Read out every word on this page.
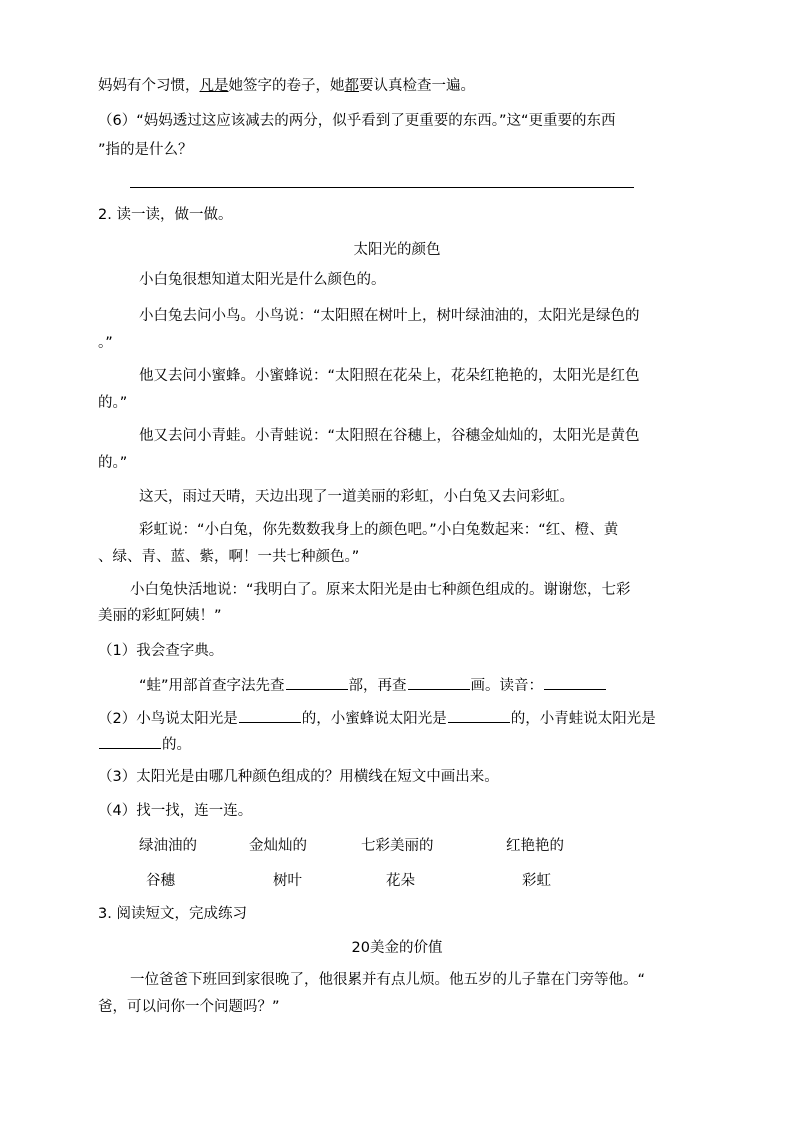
妈妈有个习惯，凡是她签字的卷子，她都要认真检查一遍。
（6）“妈妈透过这应该减去的两分，似乎看到了更重要的东西。”这“更重要的东西
”指的是什么？
2. 读一读，做一做。
太阳光的颜色
小白兔很想知道太阳光是什么颜色的。
小白兔去问小鸟。小鸟说：“太阳照在树叶上，树叶绿油油的，太阳光是绿色的
。”
他又去问小蜜蜂。小蜜蜂说：“太阳照在花朵上，花朵红艳艳的，太阳光是红色
的。”
他又去问小青蛙。小青蛙说：“太阳照在谷穗上，谷穗金灿灿的，太阳光是黄色
的。”
这天，雨过天晴，天边出现了一道美丽的彩虹，小白兔又去问彩虹。
彩虹说：“小白兔，你先数数我身上的颜色吧。”小白兔数起来：“红、橙、黄
、绿、青、蓝、紫，啊！一共七种颜色。”
小白兔快活地说：“我明白了。原来太阳光是由七种颜色组成的。谢谢您，七彩
美丽的彩虹阿姨！”
（1）我会查字典。
“蛙”用部首查字法先查	部，再查	画。读音：
（2）小鸟说太阳光是	的，小蜜蜂说太阳光是	的，小青蛙说太阳光是
的。
（3）太阳光是由哪几种颜色组成的？用横线在短文中画出来。
（4）找一找，连一连。
绿油油的	金灿灿的	七彩美丽的	红艳艳的
谷穗	树叶	花朵	彩虹
3. 阅读短文，完成练习
20美金的价值
一位爸爸下班回到家很晚了，他很累并有点儿烦。他五岁的儿子靠在门旁等他。“
爸，可以问你一个问题吗？”
